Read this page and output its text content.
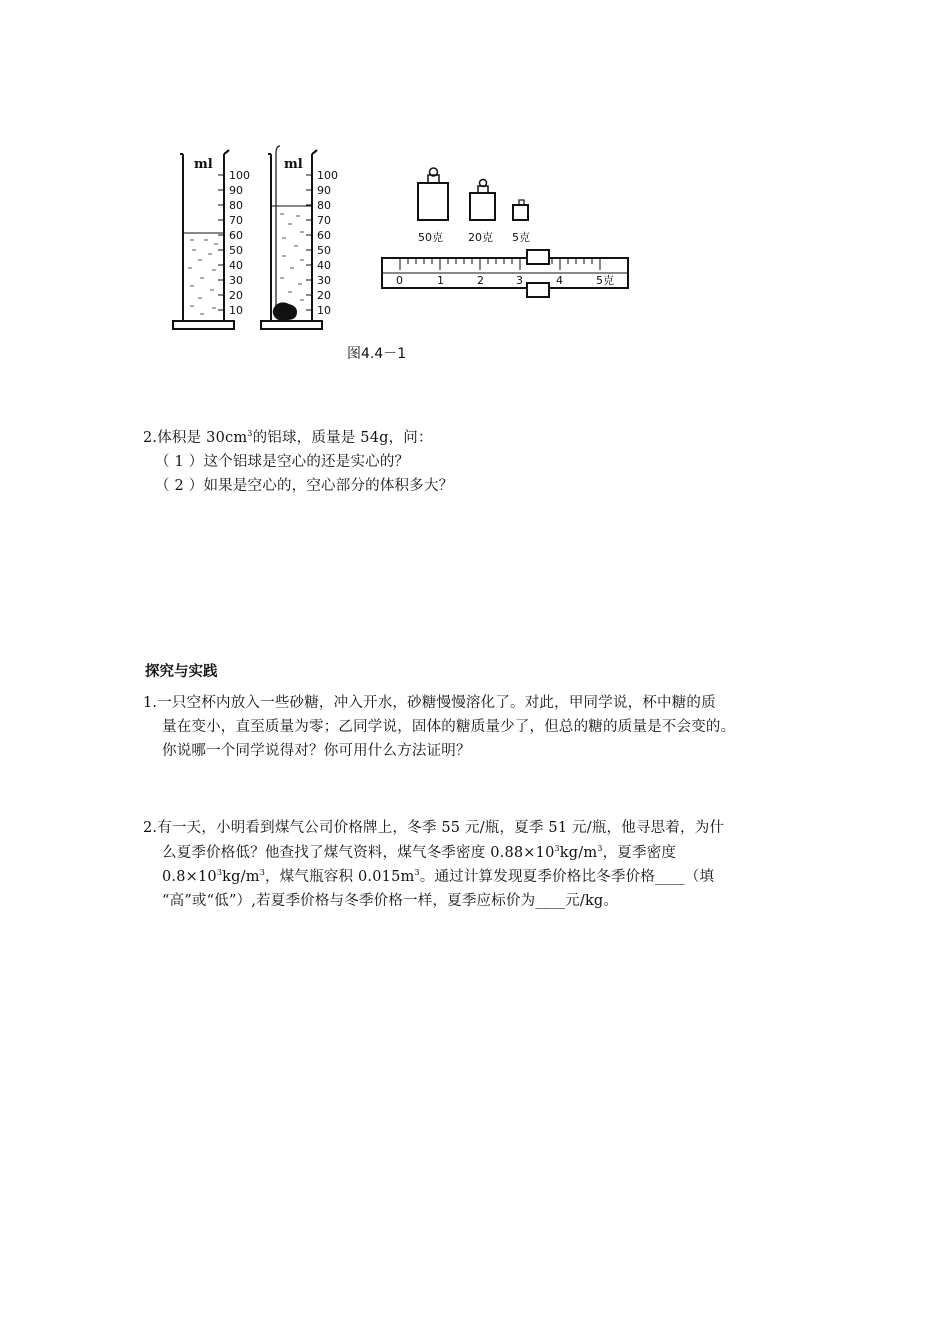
ml
100
90
80
70
60
50
40
30
20
10
ml
100
90
80
70
60
50
40
30
20
10
50克 20克 5克
0	1	2	3	4	5克
图4.4－1
2.体积是 $30cm^3$的铝球，质量是 54g，问：
（ 1 ）这个铝球是空心的还是实心的？
（ 2 ）如果是空心的，空心部分的体积多大？
探究与实践
1.一只空杯内放入一些砂糖，冲入开水，砂糖慢慢溶化了。对此，甲同学说，杯中糖的质
量在变小，直至质量为零；乙同学说，固体的糖质量少了，但总的糖的质量是不会变的。
你说哪一个同学说得对？你可用什么方法证明？
2.有一天，小明看到煤气公司价格牌上，冬季 55 元/瓶，夏季 51 元/瓶，他寻思着，为什
么夏季价格低？他查找了煤气资料，煤气冬季密度 $0.88\times 10^3kg/m^3$，夏季密度
$0.8\times 10^3kg/m^3$，煤气瓶容积 $0.015m^3$。通过计算发现夏季价格比冬季价格____（填
“高”或“低”）,若夏季价格与冬季价格一样，夏季应标价为____元/kg。
